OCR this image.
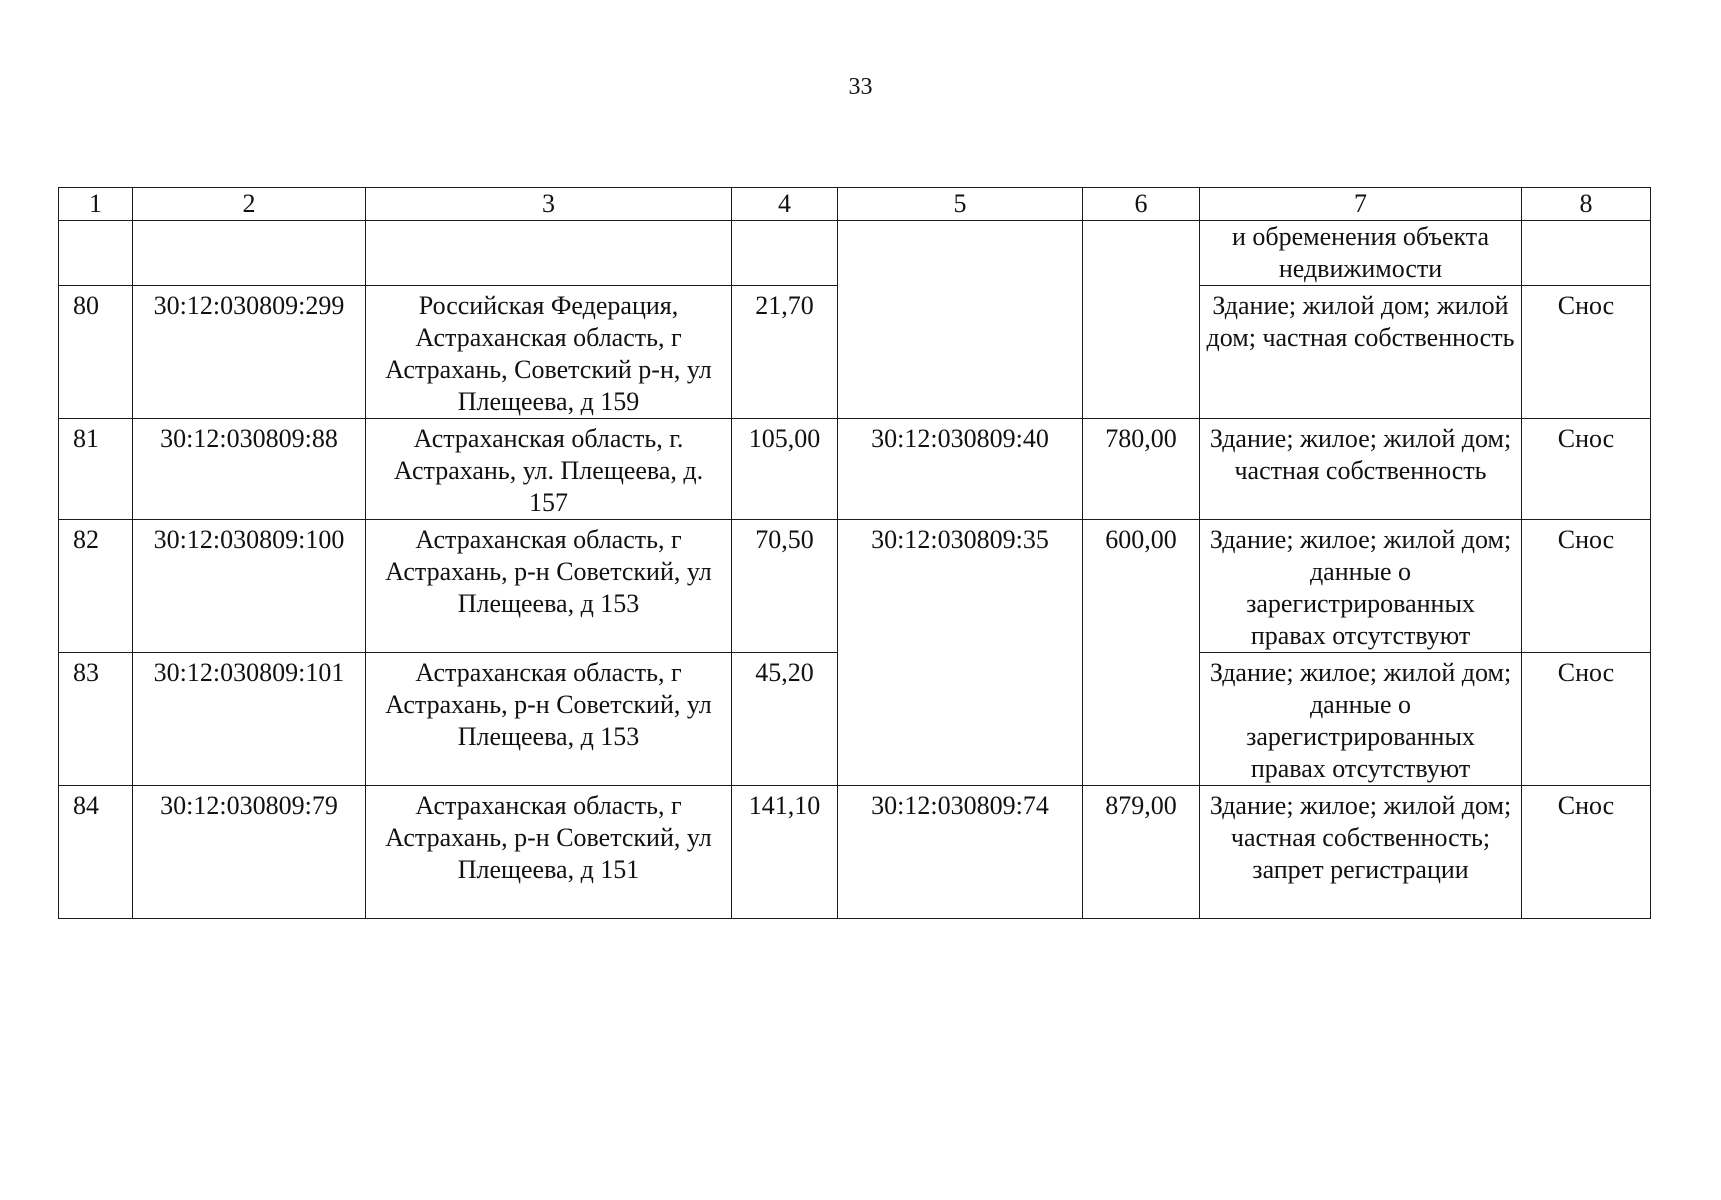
33
1	2	3	4	5	6	7	8
						и обременения объекта недвижимости	
80	30:12:030809:299	Российская Федерация, Астраханская область, г Астрахань, Советский р-н, ул Плещеева, д 159	21,70			Здание; жилой дом; жилой дом; частная собственность	Снос
81	30:12:030809:88	Астраханская область, г. Астрахань, ул. Плещеева, д. 157	105,00	30:12:030809:40	780,00	Здание; жилое; жилой дом; частная собственность	Снос
82	30:12:030809:100	Астраханская область, г Астрахань, р-н Советский, ул Плещеева, д 153	70,50	30:12:030809:35	600,00	Здание; жилое; жилой дом; данные о зарегистрированных правах отсутствуют	Снос
83	30:12:030809:101	Астраханская область, г Астрахань, р-н Советский, ул Плещеева, д 153	45,20			Здание; жилое; жилой дом; данные о зарегистрированных правах отсутствуют	Снос
84	30:12:030809:79	Астраханская область, г Астрахань, р-н Советский, ул Плещеева, д 151	141,10	30:12:030809:74	879,00	Здание; жилое; жилой дом; частная собственность; запрет регистрации	Снос
